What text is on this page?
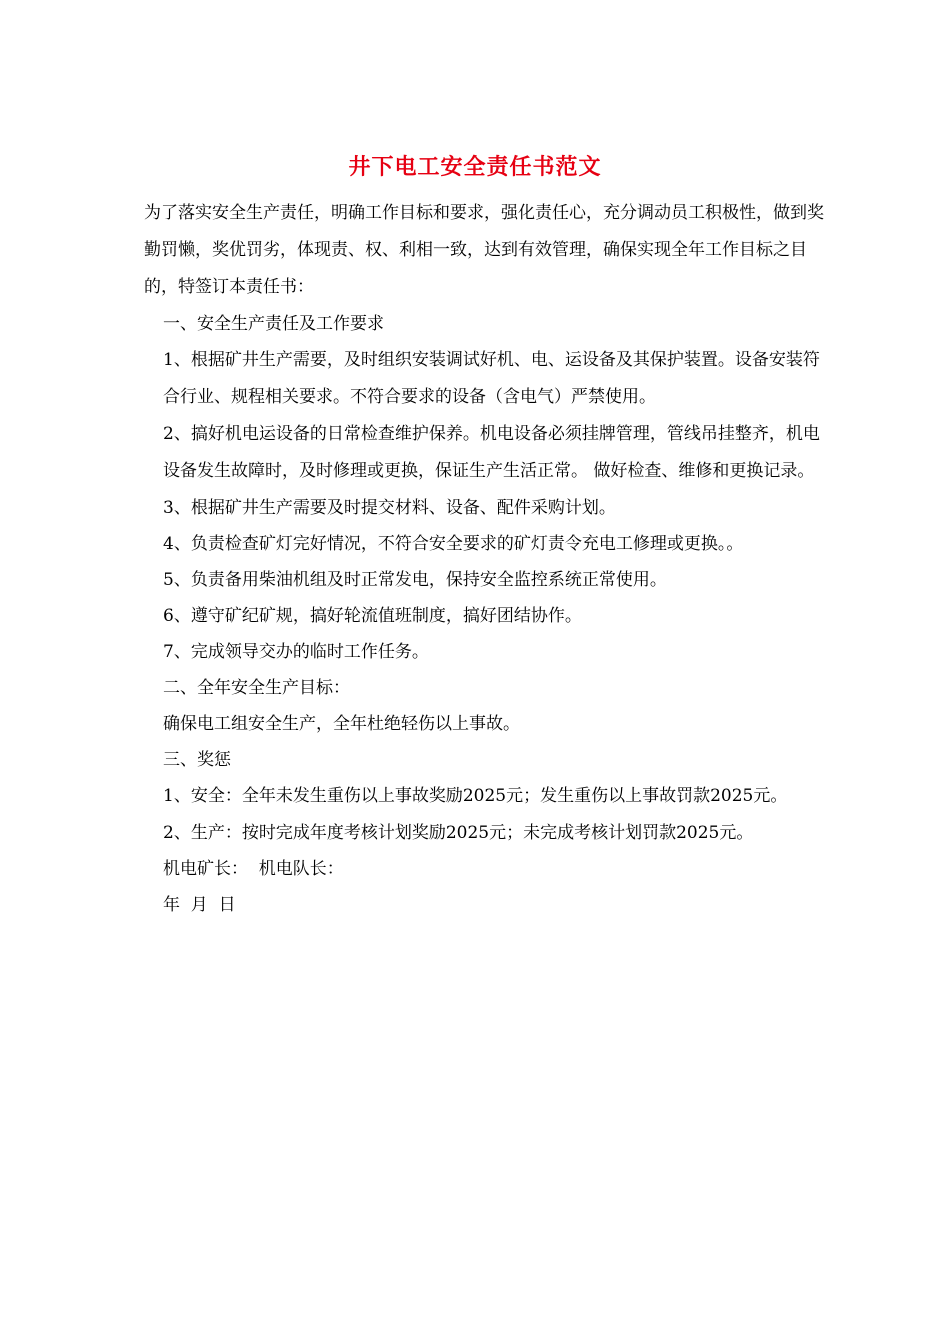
井下电工安全责任书范文

为了落实安全生产责任，明确工作目标和要求，强化责任心，充分调动员工积极性，做到奖勤罚懒，奖优罚劣，体现责、权、利相一致，达到有效管理，确保实现全年工作目标之目的，特签订本责任书：

一、安全生产责任及工作要求

1、根据矿井生产需要，及时组织安装调试好机、电、运设备及其保护装置。设备安装符合行业、规程相关要求。不符合要求的设备（含电气）严禁使用。

2、搞好机电运设备的日常检查维护保养。机电设备必须挂牌管理，管线吊挂整齐，机电设备发生故障时，及时修理或更换，保证生产生活正常。 做好检查、维修和更换记录。

3、根据矿井生产需要及时提交材料、设备、配件采购计划。

4、负责检查矿灯完好情况，不符合安全要求的矿灯责令充电工修理或更换。。

5、负责备用柴油机组及时正常发电，保持安全监控系统正常使用。

6、遵守矿纪矿规，搞好轮流值班制度，搞好团结协作。

7、完成领导交办的临时工作任务。

二、全年安全生产目标：

确保电工组安全生产，全年杜绝轻伤以上事故。

三、奖惩

1、安全：全年未发生重伤以上事故奖励2025元；发生重伤以上事故罚款2025元。

2、生产：按时完成年度考核计划奖励2025元；未完成考核计划罚款2025元。

机电矿长：  机电队长：

年  月  日
